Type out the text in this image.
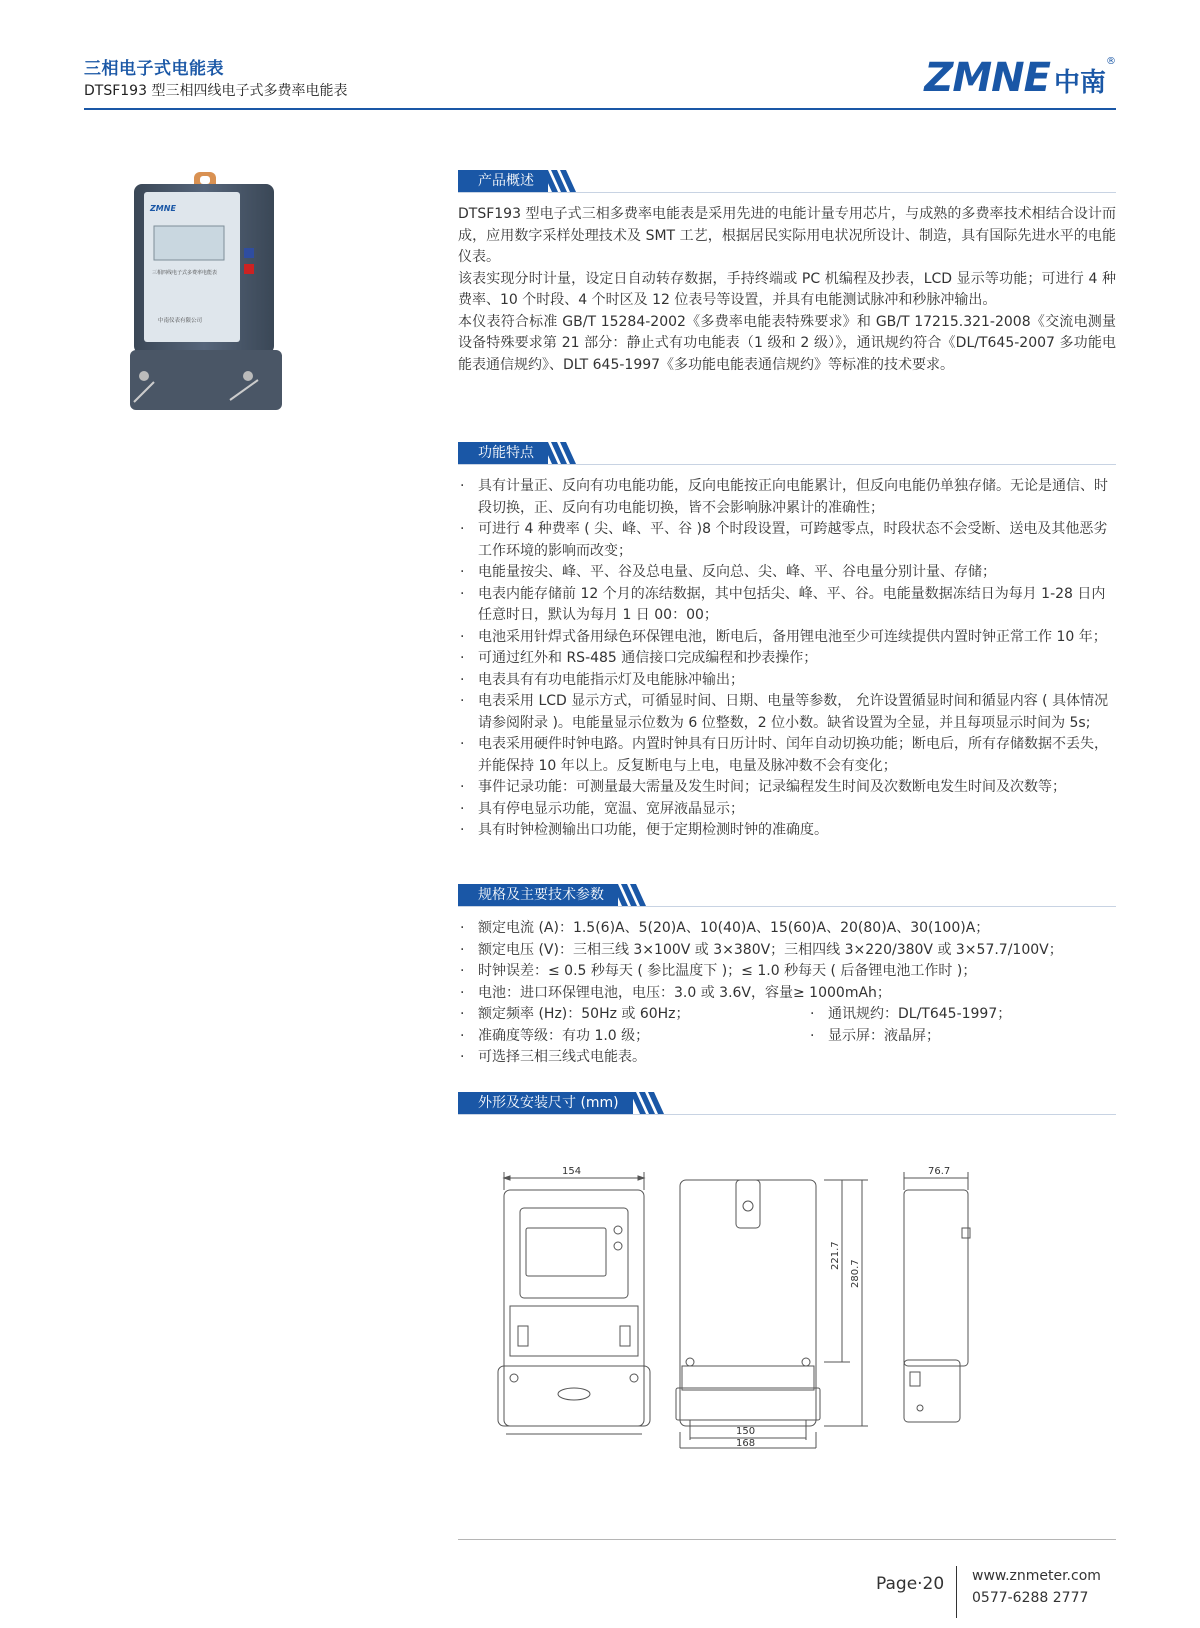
三相电子式电能表
DTSF193 型三相四线电子式多费率电能表	ZMNE 中南®
ZMNE
三相四线电子式多费率电能表
中南仪表有限公司
产品概述

DTSF193 型电子式三相多费率电能表是采用先进的电能计量专用芯片，与成熟的多费率技术相结合设计而成，应用数字采样处理技术及 SMT 工艺，根据居民实际用电状况所设计、制造，具有国际先进水平的电能仪表。

该表实现分时计量，设定日自动转存数据，手持终端或 PC 机编程及抄表，LCD 显示等功能；可进行 4 种费率、10 个时段、4 个时区及 12 位表号等设置，并具有电能测试脉冲和秒脉冲输出。

本仪表符合标准 GB/T 15284-2002《多费率电能表特殊要求》和 GB/T 17215.321-2008《交流电测量设备特殊要求第 21 部分：静止式有功电能表（1 级和 2 级）》，通讯规约符合《DL/T645-2007 多功能电能表通信规约》、DLT 645-1997《多功能电能表通信规约》等标准的技术要求。

功能特点
· 具有计量正、反向有功电能功能，反向电能按正向电能累计，但反向电能仍单独存储。无论是通信、时段切换，正、反向有功电能切换，皆不会影响脉冲累计的准确性；
· 可进行 4 种费率 ( 尖、峰、平、谷 )8 个时段设置，可跨越零点，时段状态不会受断、送电及其他恶劣工作环境的影响而改变；
· 电能量按尖、峰、平、谷及总电量、反向总、尖、峰、平、谷电量分别计量、存储；
· 电表内能存储前 12 个月的冻结数据，其中包括尖、峰、平、谷。电能量数据冻结日为每月 1-28 日内任意时日，默认为每月 1 日 00：00；
· 电池采用针焊式备用绿色环保锂电池，断电后，备用锂电池至少可连续提供内置时钟正常工作 10 年；
· 可通过红外和 RS-485 通信接口完成编程和抄表操作；
· 电表具有有功电能指示灯及电能脉冲输出；
· 电表采用 LCD 显示方式，可循显时间、日期、电量等参数， 允许设置循显时间和循显内容 ( 具体情况请参阅附录 )。电能量显示位数为 6 位整数，2 位小数。缺省设置为全显，并且每项显示时间为 5s;
· 电表采用硬件时钟电路。内置时钟具有日历计时、闰年自动切换功能；断电后，所有存储数据不丢失，并能保持 10 年以上。反复断电与上电，电量及脉冲数不会有变化；
· 事件记录功能：可测量最大需量及发生时间；记录编程发生时间及次数断电发生时间及次数等；
· 具有停电显示功能，宽温、宽屏液晶显示；
· 具有时钟检测输出口功能，便于定期检测时钟的准确度。
规格及主要技术参数
· 额定电流 (A)：1.5(6)A、5(20)A、10(40)A、15(60)A、20(80)A、30(100)A；
· 额定电压 (V)：三相三线 3×100V 或 3×380V；三相四线 3×220/380V 或 3×57.7/100V；
· 时钟误差：≤ 0.5 秒每天 ( 参比温度下 )；≤ 1.0 秒每天 ( 后备锂电池工作时 )；
· 电池：进口环保锂电池，电压：3.0 或 3.6V，容量≥ 1000mAh；
· 额定频率 (Hz)：50Hz 或 60Hz；	· 通讯规约：DL/T645-1997；
· 准确度等级：有功 1.0 级；	· 显示屏：液晶屏；
· 可选择三相三线式电能表。
外形及安装尺寸 (mm)
154	76.7
221.7
280.7
150
168
Page·20 www.znmeter.com
0577-6288 2777
